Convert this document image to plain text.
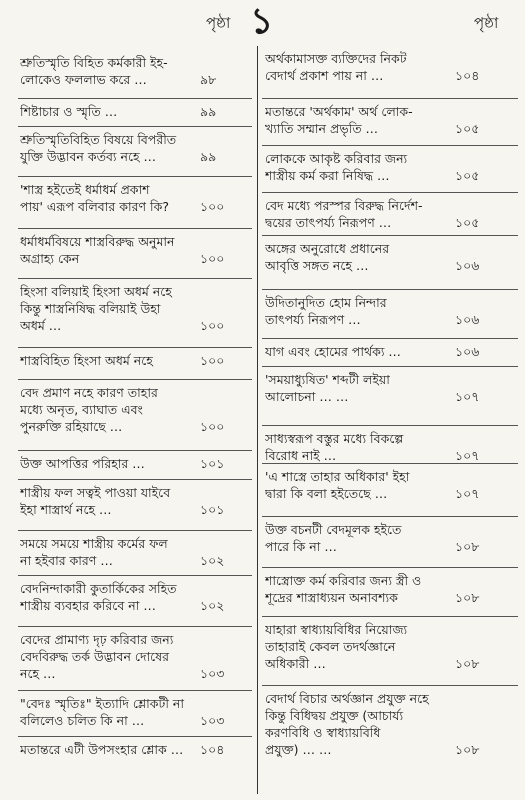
পৃষ্ঠা ১	পৃষ্ঠা
শ্রুতিস্মৃতি বিহিত কর্মকারী ইহ-
লোকেও ফললাভ করে …	৯৮
শিষ্টাচার ও স্মৃতি …	৯৯
শ্রুতিস্মৃতিবিহিত বিষয়ে বিপরীত
যুক্তি উদ্ভাবন কর্তব্য নহে …	৯৯
'শাস্ত্র হইতেই ধর্মাধর্ম প্রকাশ
পায়' এরূপ বলিবার কারণ কি?	১০০
ধর্মাধর্মবিষয়ে শাস্ত্রবিরুদ্ধ অনুমান
অগ্রাহ্য কেন	১০০
হিংসা বলিয়াই হিংসা অধর্ম নহে
কিন্তু শাস্ত্রনিষিদ্ধ বলিয়াই উহা
অধর্ম …	১০০
শাস্ত্রবিহিত হিংসা অধর্ম নহে	১০০
বেদ প্রমাণ নহে কারণ তাহার
মধ্যে অনৃত, ব্যাঘাত এবং
পুনরুক্তি রহিয়াছে …	১০০
উক্ত আপত্তির পরিহার …	১০১
শাস্ত্রীয় ফল সত্বই পাওয়া যাইবে
ইহা শাস্ত্রার্থ নহে …	১০১
সময়ে সময়ে শাস্ত্রীয় কর্মের ফল
না হইবার কারণ …	১০২
বেদনিন্দাকারী কুতার্কিকের সহিত
শাস্ত্রীয় ব্যবহার করিবে না …	১০২
বেদের প্রামাণ্য দৃঢ় করিবার জন্য
বেদবিরুদ্ধ তর্ক উদ্ভাবন দোষের
নহে …	১০৩
"বেদঃ স্মৃতিঃ" ইত্যাদি শ্লোকটী না
বলিলেও চলিত কি না …	১০৩
মতান্তরে এটী উপসংহার শ্লোক …	১০৪
অর্থকামাসক্ত ব্যক্তিদের নিকট
বেদার্থ প্রকাশ পায় না …	১০৪
মতান্তরে 'অর্থকাম' অর্থ লোক-
খ্যাতি সম্মান প্রভৃতি …	১০৫
লোককে আকৃষ্ট করিবার জন্য
শাস্ত্রীয় কর্ম করা নিষিদ্ধ …	১০৫
বেদ মধ্যে পরস্পর বিরুদ্ধ নির্দেশ-
দ্বয়ের তাৎপর্য্য নিরূপণ …	১০৫
অঙ্গের অনুরোধে প্রধানের
আবৃত্তি সঙ্গত নহে …	১০৬
উদিতানুদিত হোম নিন্দার
তাৎপর্য্য নিরূপণ …	১০৬
যাগ এবং হোমের পার্থক্য …	১০৬
'সময়াধ্যুষিত' শব্দটী লইয়া
আলোচনা … …	১০৭
সাধ্যস্বরূপ বস্তুর মধ্যে বিকল্পে
বিরোধ নাই …	১০৭
'এ শাস্ত্রে তাহার অধিকার' ইহা
দ্বারা কি বলা হইতেছে …	১০৭
উক্ত বচনটী বেদমূলক হইতে
পারে কি না …	১০৮
শাস্ত্রোক্ত কর্ম করিবার জন্য স্ত্রী ও
শূদ্রের শাস্ত্রাধ্যয়ন অনাবশ্যক	১০৮
যাহারা স্বাধ্যায়বিধির নিয়োজ্য
তাহারাই কেবল তদর্থজ্ঞানে
অধিকারী …	১০৮
বেদার্থ বিচার অর্থজ্ঞান প্রযুক্ত নহে
কিন্তু বিধিদ্বয় প্রযুক্ত (আচার্য্য
করণবিধি ও স্বাধ্যায়বিধি
প্রযুক্ত) … …	১০৮
